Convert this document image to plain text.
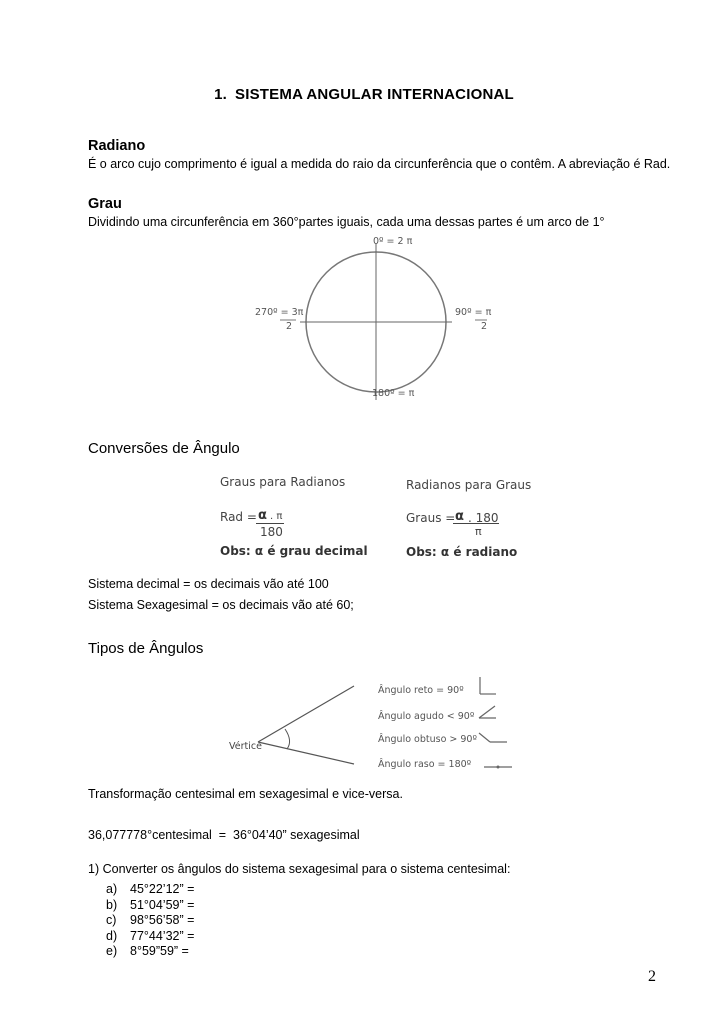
1. SISTEMA ANGULAR INTERNACIONAL
Radiano
É o arco cujo comprimento é igual a medida do raio da circunferência que o contêm. A abreviação é Rad.
Grau
Dividindo uma circunferência em 360°partes iguais, cada uma dessas partes é um arco de 1°
0º = 2 π
90º = π
2
180º = π
270º = 3π
2
Conversões de Ângulo
Graus para Radianos
Rad = α . π
180
Obs: α é grau decimal
Radianos para Graus
Graus = α . 180
π
Obs: α é radiano
Sistema decimal = os decimais vão até 100
Sistema Sexagesimal = os decimais vão até 60;
Tipos de Ângulos
Vértice
Ângulo reto = 90º
Ângulo agudo < 90º
Ângulo obtuso > 90º
Ângulo raso = 180º
Transformação centesimal em sexagesimal e vice-versa.
36,077778°centesimal  =  36°04’40” sexagesimal
1) Converter os ângulos do sistema sexagesimal para o sistema centesimal:
a) 45°22’12” =
b) 51°04’59” =
c) 98°56’58” =
d) 77°44’32” =
e) 8°59”59” =
2
